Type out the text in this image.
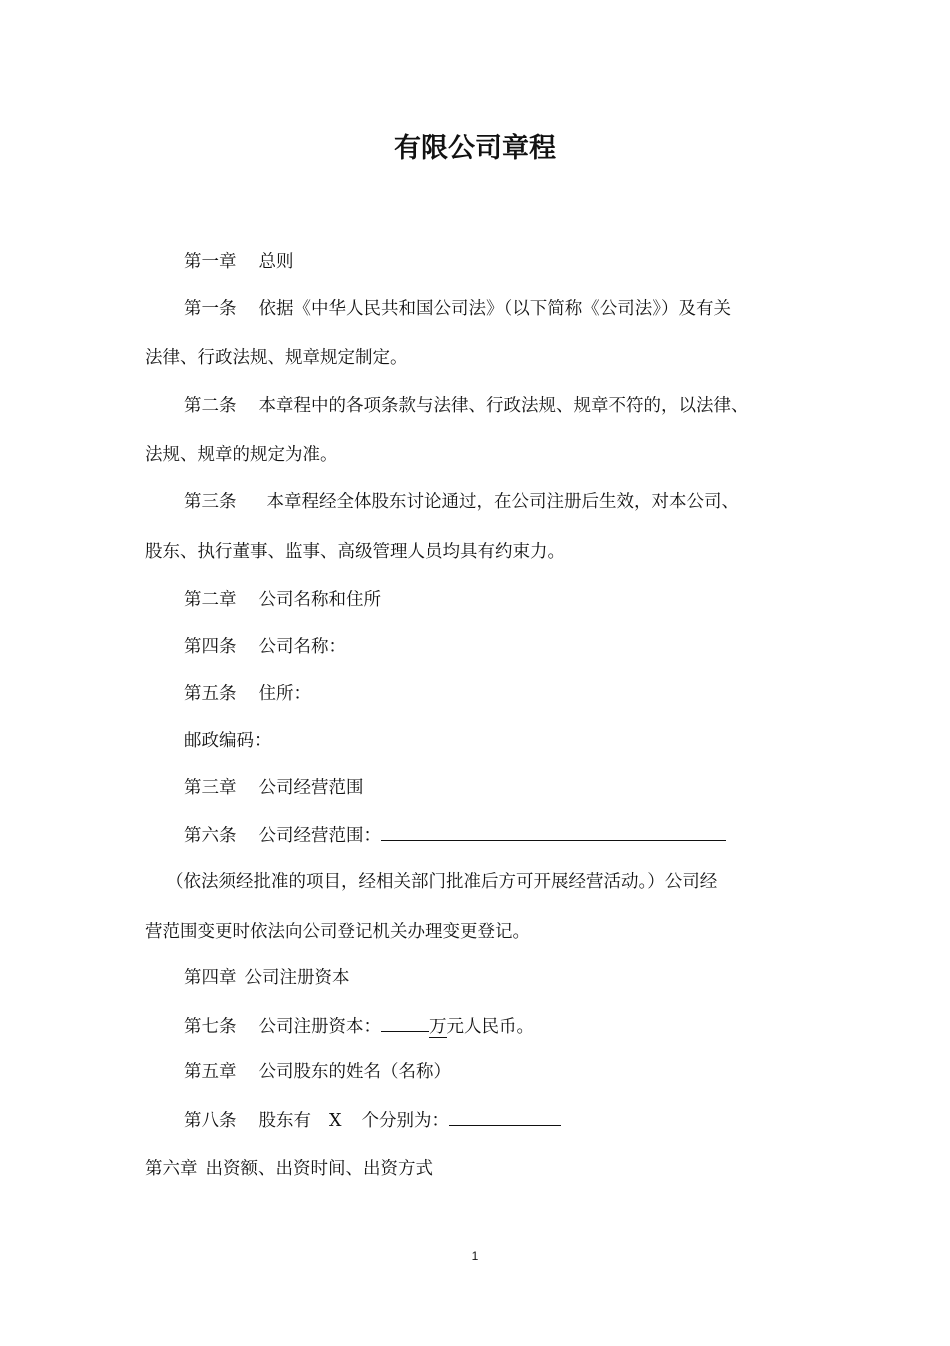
有限公司章程
第一章 总则
第一条 依据《中华人民共和国公司法》（以下简称《公司法》）及有关
法律、行政法规、规章规定制定。
第二条 本章程中的各项条款与法律、行政法规、规章不符的，以法律、
法规、规章的规定为准。
第三条 本章程经全体股东讨论通过，在公司注册后生效，对本公司、
股东、执行董事、监事、高级管理人员均具有约束力。
第二章 公司名称和住所
第四条 公司名称：
第五条 住所：
邮政编码：
第三章 公司经营范围
第六条 公司经营范围：
（依法须经批准的项目，经相关部门批准后方可开展经营活动。）公司经
营范围变更时依法向公司登记机关办理变更登记。
第四章 公司注册资本
第七条 公司注册资本：	万元人民币。
第五章 公司股东的姓名（名称）
第八条 股东有 X 个分别为：
第六章 出资额、出资时间、出资方式
1
